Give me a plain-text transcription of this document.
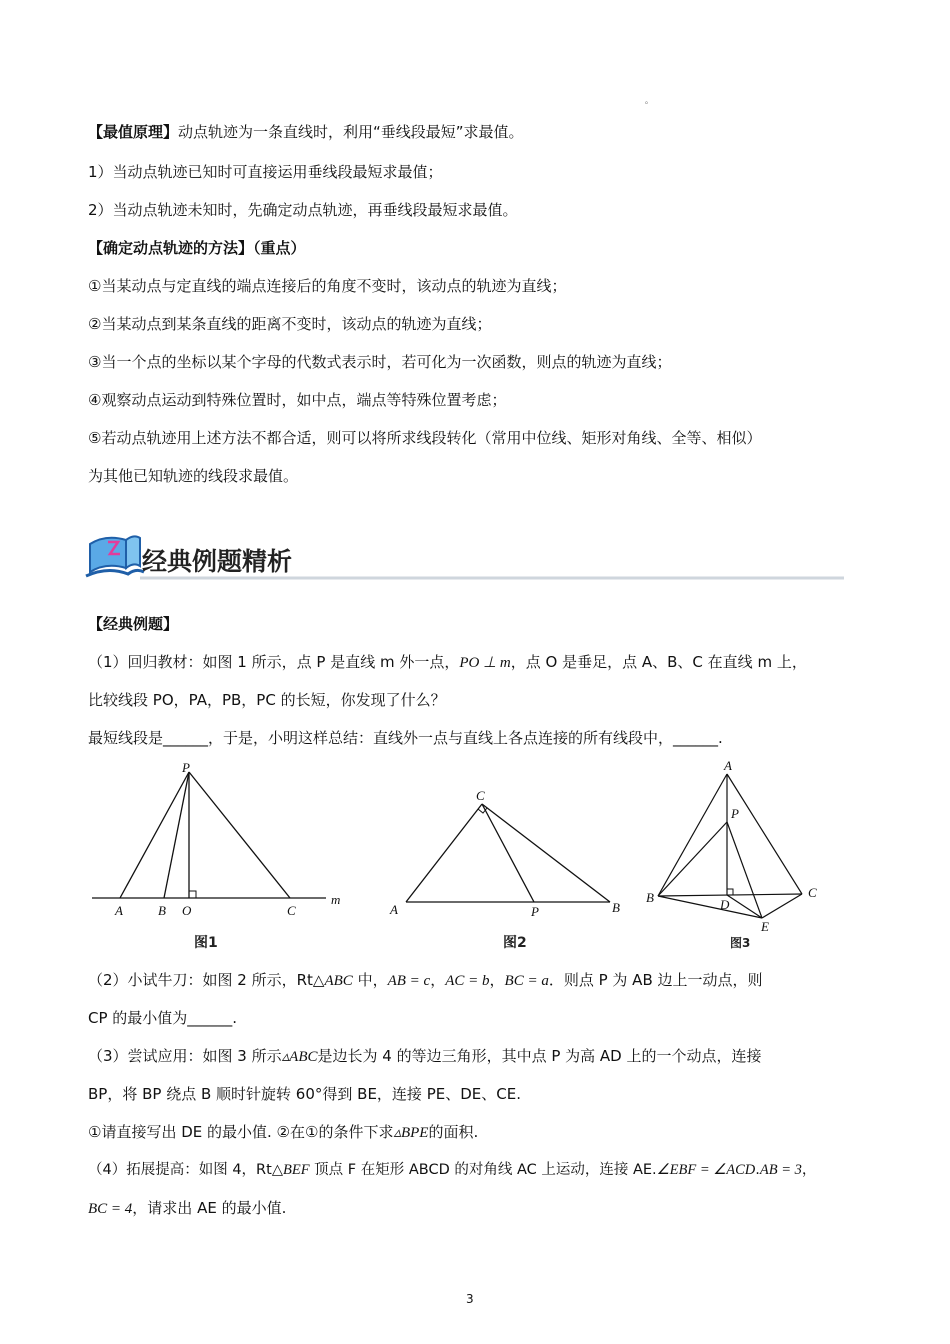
。
【最值原理】动点轨迹为一条直线时，利用“垂线段最短”求最值。
1）当动点轨迹已知时可直接运用垂线段最短求最值；
2）当动点轨迹未知时，先确定动点轨迹，再垂线段最短求最值。
【确定动点轨迹的方法】（重点）
①当某动点与定直线的端点连接后的角度不变时，该动点的轨迹为直线；
②当某动点到某条直线的距离不变时，该动点的轨迹为直线；
③当一个点的坐标以某个字母的代数式表示时，若可化为一次函数，则点的轨迹为直线；
④观察动点运动到特殊位置时，如中点，端点等特殊位置考虑；
⑤若动点轨迹用上述方法不都合适，则可以将所求线段转化（常用中位线、矩形对角线、全等、相似）
为其他已知轨迹的线段求最值。
经典例题精析
【经典例题】
（1）回归教材：如图 1 所示，点 P 是直线 m 外一点，PO ⊥ m，点 O 是垂足，点 A、B、C 在直线 m 上，
比较线段 PO，PA，PB，PC 的长短，你发现了什么？
最短线段是______，于是，小明这样总结：直线外一点与直线上各点连接的所有线段中，______.
P
A	B O	C
m
图1
C
A	P	B
图2
A
P
B	D
C
E
图3
（2）小试牛刀：如图 2 所示，Rt△ABC 中，AB = c，AC = b，BC = a．则点 P 为 AB 边上一动点，则
CP 的最小值为______.
（3）尝试应用：如图 3 所示▵ABC是边长为 4 的等边三角形，其中点 P 为高 AD 上的一个动点，连接
BP，将 BP 绕点 B 顺时针旋转 60°得到 BE，连接 PE、DE、CE.
①请直接写出 DE 的最小值. ②在①的条件下求▵BPE的面积.
（4）拓展提高：如图 4，Rt△BEF 顶点 F 在矩形 ABCD 的对角线 AC 上运动，连接 AE.∠EBF = ∠ACD.AB = 3，
BC = 4，请求出 AE 的最小值.
3
